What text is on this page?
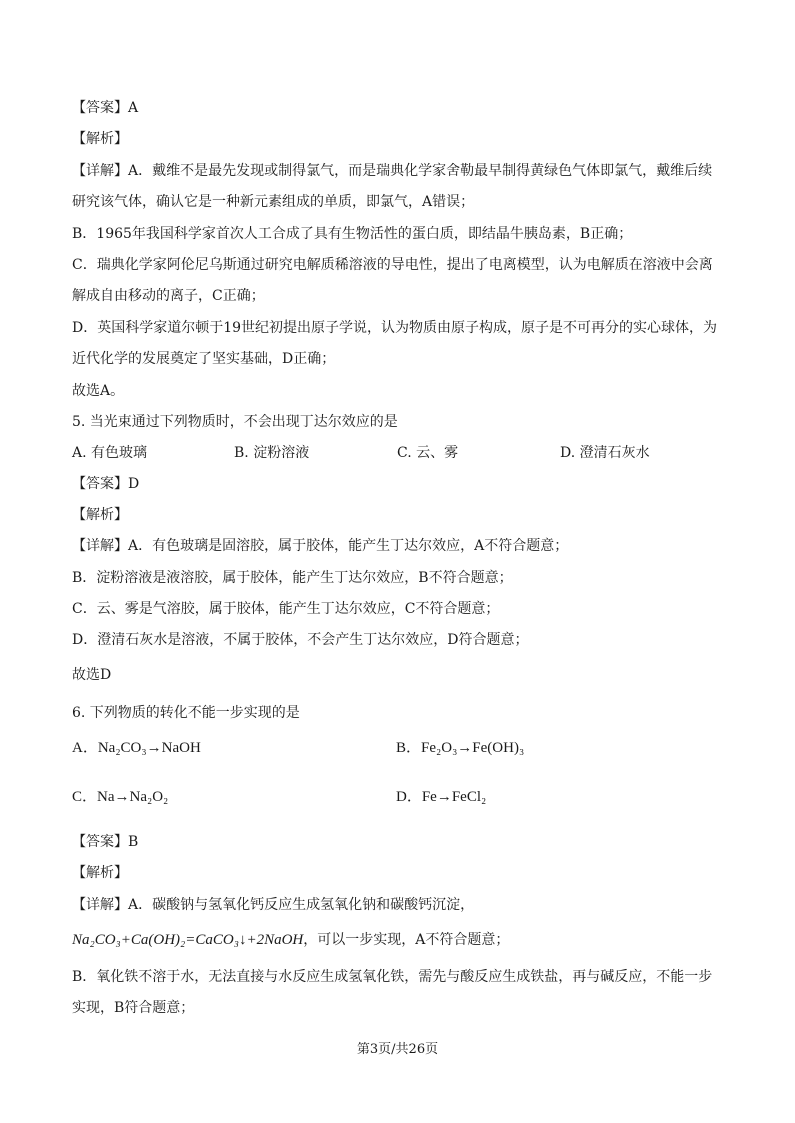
【答案】A
【解析】
【详解】A．戴维不是最先发现或制得氯气，而是瑞典化学家舍勒最早制得黄绿色气体即氯气，戴维后续
研究该气体，确认它是一种新元素组成的单质，即氯气，A错误；
B．1965年我国科学家首次人工合成了具有生物活性的蛋白质，即结晶牛胰岛素，B正确；
C．瑞典化学家阿伦尼乌斯通过研究电解质稀溶液的导电性，提出了电离模型，认为电解质在溶液中会离
解成自由移动的离子，C正确；
D．英国科学家道尔顿于19世纪初提出原子学说，认为物质由原子构成，原子是不可再分的实心球体，为
近代化学的发展奠定了坚实基础，D正确；
故选A。
5. 当光束通过下列物质时，不会出现丁达尔效应的是
A. 有色玻璃	B. 淀粉溶液	C. 云、雾	D. 澄清石灰水
【答案】D
【解析】
【详解】A．有色玻璃是固溶胶，属于胶体，能产生丁达尔效应，A不符合题意；
B．淀粉溶液是液溶胶，属于胶体，能产生丁达尔效应，B不符合题意；
C．云、雾是气溶胶，属于胶体，能产生丁达尔效应，C不符合题意；
D．澄清石灰水是溶液，不属于胶体，不会产生丁达尔效应，D符合题意；
故选D
6. 下列物质的转化不能一步实现的是
A．Na₂CO₃→NaOH	B．Fe₂O₃→Fe(OH)₃
C．Na→Na₂O₂	D．Fe→FeCl₂
【答案】B
【解析】
【详解】A．碳酸钠与氢氧化钙反应生成氢氧化钠和碳酸钙沉淀，
Na₂CO₃+Ca(OH)₂=CaCO₃↓+2NaOH，可以一步实现，A不符合题意；
B．氧化铁不溶于水，无法直接与水反应生成氢氧化铁，需先与酸反应生成铁盐，再与碱反应，不能一步
实现，B符合题意；
第3页/共26页
